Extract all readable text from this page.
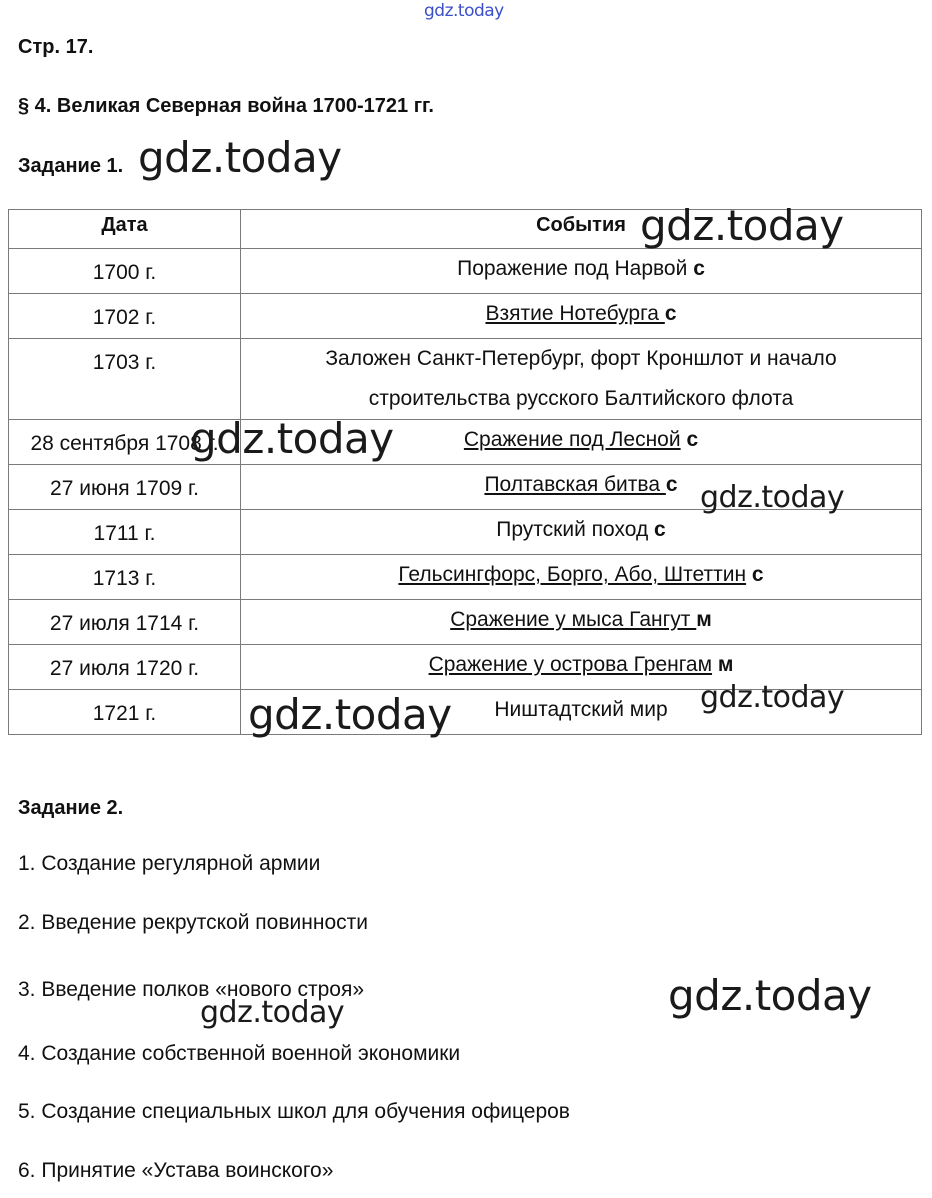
gdz.today
Стр. 17.
§ 4. Великая Северная война 1700-1721 гг.
Задание 1.
Дата	События
1700 г.	Поражение под Нарвой с
1702 г.	Взятие Нотебурга с
1703 г.	Заложен Санкт-Петербург, форт Кроншлот и начало строительства русского Балтийского флота
28 сентября 1708 г.	Сражение под Лесной с
27 июня 1709 г.	Полтавская битва с
1711 г.	Прутский поход с
1713 г.	Гельсингфорс, Борго, Або, Штеттин с
27 июля 1714 г.	Сражение у мыса Гангут м
27 июля 1720 г.	Сражение у острова Гренгам м
1721 г.	Ништадтский мир
Задание 2.
1. Создание регулярной армии
2. Введение рекрутской повинности
3. Введение полков «нового строя»
4. Создание собственной военной экономики
5. Создание специальных школ для обучения офицеров
6. Принятие «Устава воинского»
gdz.today
gdz.today
gdz.today
gdz.today
gdz.today
gdz.today
gdz.today
gdz.today
